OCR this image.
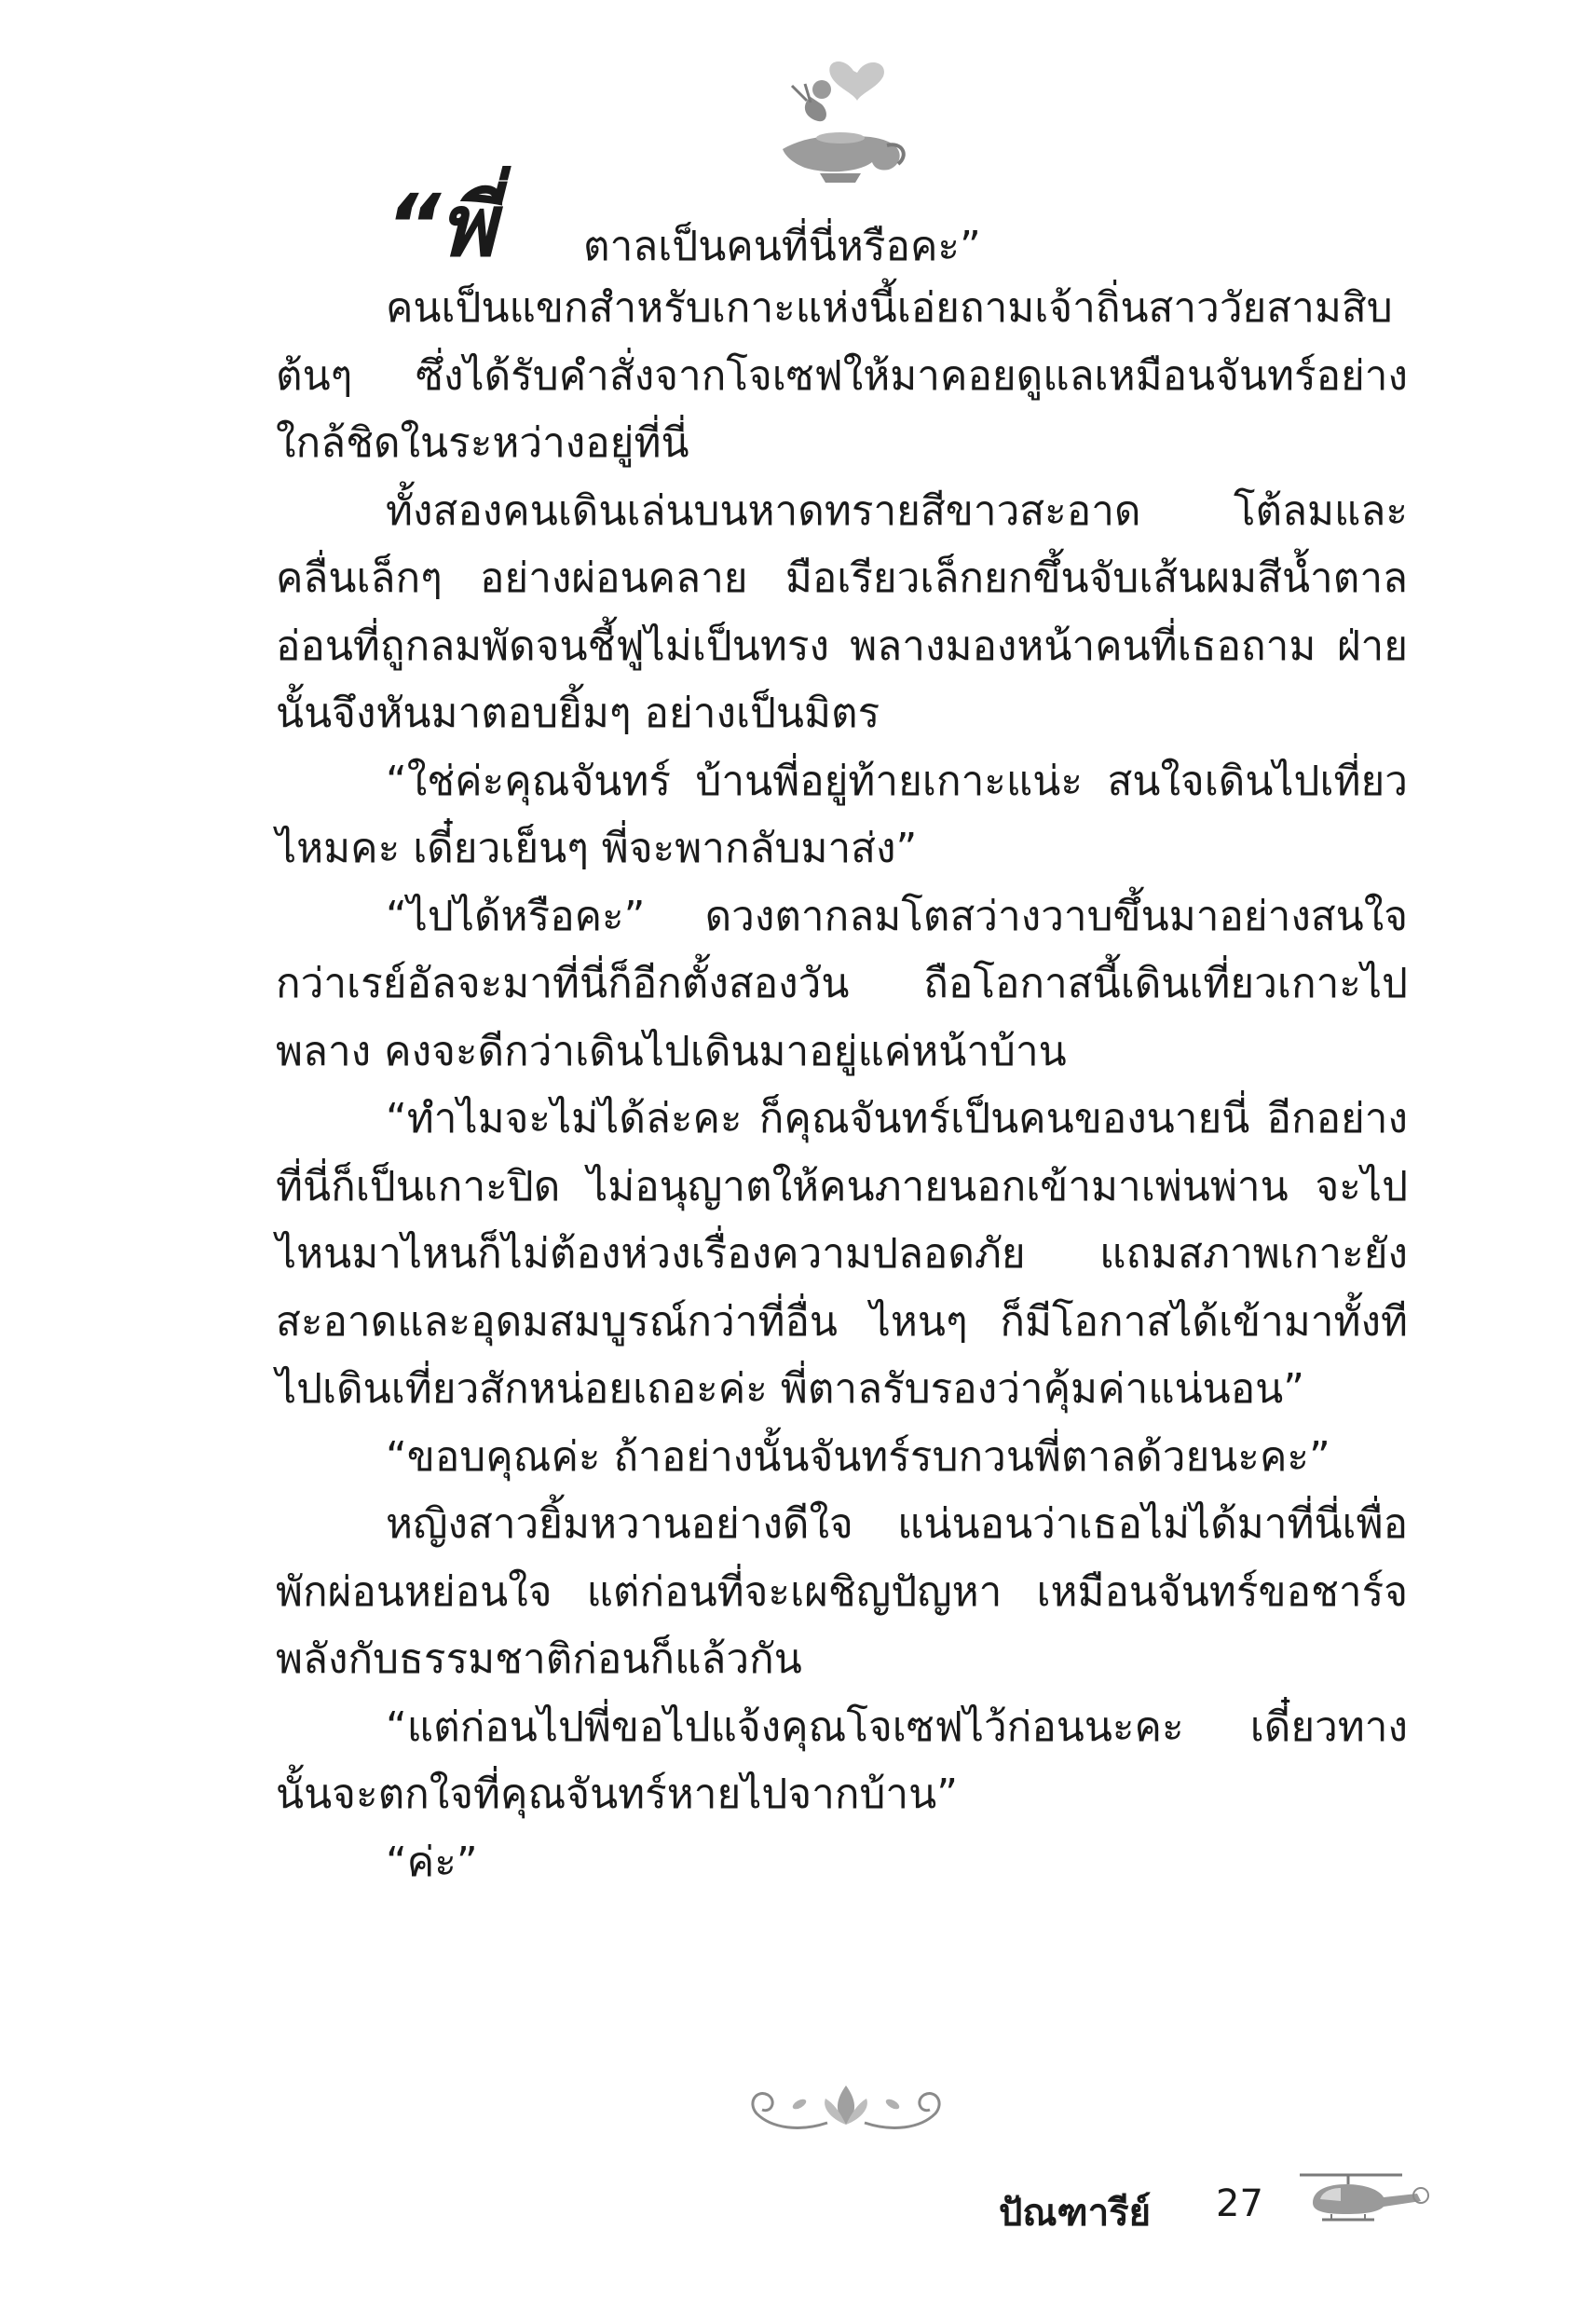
“พี่ ตาลเป็นคนที่นี่หรือคะ”

คนเป็นแขกสำหรับเกาะแห่งนี้เอ่ยถามเจ้าถิ่นสาววัยสามสิบต้นๆ ซึ่งได้รับคำสั่งจากโจเซฟให้มาคอยดูแลเหมือนจันทร์อย่างใกล้ชิดในระหว่างอยู่ที่นี่

ทั้งสองคนเดินเล่นบนหาดทรายสีขาวสะอาด โต้ลมและคลื่นเล็กๆ อย่างผ่อนคลาย มือเรียวเล็กยกขึ้นจับเส้นผมสีน้ำตาลอ่อนที่ถูกลมพัดจนชี้ฟูไม่เป็นทรง พลางมองหน้าคนที่เธอถาม ฝ่ายนั้นจึงหันมาตอบยิ้มๆ อย่างเป็นมิตร

“ใช่ค่ะคุณจันทร์ บ้านพี่อยู่ท้ายเกาะแน่ะ สนใจเดินไปเที่ยวไหมคะ เดี๋ยวเย็นๆ พี่จะพากลับมาส่ง”

“ไปได้หรือคะ” ดวงตากลมโตสว่างวาบขึ้นมาอย่างสนใจ กว่าเรย์อัลจะมาที่นี่ก็อีกตั้งสองวัน ถือโอกาสนี้เดินเที่ยวเกาะไปพลาง คงจะดีกว่าเดินไปเดินมาอยู่แค่หน้าบ้าน

“ทำไมจะไม่ได้ล่ะคะ ก็คุณจันทร์เป็นคนของนายนี่ อีกอย่างที่นี่ก็เป็นเกาะปิด ไม่อนุญาตให้คนภายนอกเข้ามาเพ่นพ่าน จะไปไหนมาไหนก็ไม่ต้องห่วงเรื่องความปลอดภัย แถมสภาพเกาะยังสะอาดและอุดมสมบูรณ์กว่าที่อื่น ไหนๆ ก็มีโอกาสได้เข้ามาทั้งที ไปเดินเที่ยวสักหน่อยเถอะค่ะ พี่ตาลรับรองว่าคุ้มค่าแน่นอน”

“ขอบคุณค่ะ ถ้าอย่างนั้นจันทร์รบกวนพี่ตาลด้วยนะคะ”

หญิงสาวยิ้มหวานอย่างดีใจ แน่นอนว่าเธอไม่ได้มาที่นี่เพื่อพักผ่อนหย่อนใจ แต่ก่อนที่จะเผชิญปัญหา เหมือนจันทร์ขอชาร์จพลังกับธรรมชาติก่อนก็แล้วกัน

“แต่ก่อนไปพี่ขอไปแจ้งคุณโจเซฟไว้ก่อนนะคะ เดี๋ยวทางนั้นจะตกใจที่คุณจันทร์หายไปจากบ้าน”

“ค่ะ”

ปัณฑารีย์ 27
